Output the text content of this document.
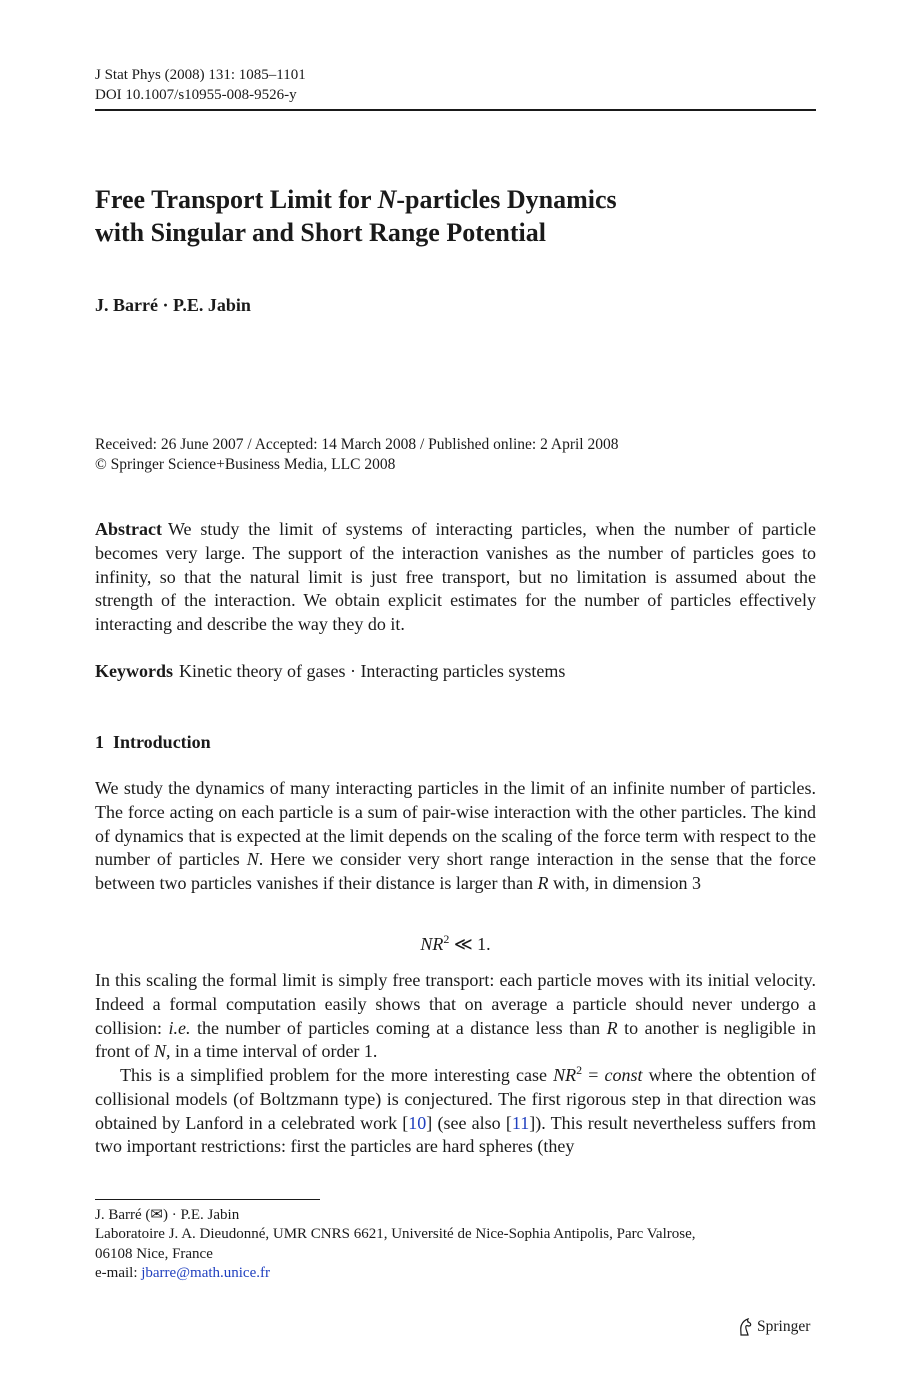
J Stat Phys (2008) 131: 1085–1101
DOI 10.1007/s10955-008-9526-y
Free Transport Limit for N-particles Dynamics
with Singular and Short Range Potential
J. Barré · P.E. Jabin
Received: 26 June 2007 / Accepted: 14 March 2008 / Published online: 2 April 2008
© Springer Science+Business Media, LLC 2008

Abstract We study the limit of systems of interacting particles, when the number of particle becomes very large. The support of the interaction vanishes as the number of particles goes to infinity, so that the natural limit is just free transport, but no limitation is assumed about the strength of the interaction. We obtain explicit estimates for the number of particles effectively interacting and describe the way they do it.

Keywords Kinetic theory of gases · Interacting particles systems

1 Introduction

We study the dynamics of many interacting particles in the limit of an infinite number of particles. The force acting on each particle is a sum of pair-wise interaction with the other particles. The kind of dynamics that is expected at the limit depends on the scaling of the force term with respect to the number of particles N. Here we consider very short range interaction in the sense that the force between two particles vanishes if their distance is larger than R with, in dimension 3

$NR^2$ ≪ 1.

In this scaling the formal limit is simply free transport: each particle moves with its initial velocity. Indeed a formal computation easily shows that on average a particle should never undergo a collision: i.e. the number of particles coming at a distance less than R to another is negligible in front of N, in a time interval of order 1.

This is a simplified problem for the more interesting case $NR^2$ = const where the obtention of collisional models (of Boltzmann type) is conjectured. The first rigorous step in that direction was obtained by Lanford in a celebrated work [10] (see also [11]). This result nevertheless suffers from two important restrictions: first the particles are hard spheres (they

J. Barré (✉) · P.E. Jabin
Laboratoire J. A. Dieudonné, UMR CNRS 6621, Université de Nice-Sophia Antipolis, Parc Valrose,
06108 Nice, France
e-mail: jbarre@math.unice.fr
Springer
